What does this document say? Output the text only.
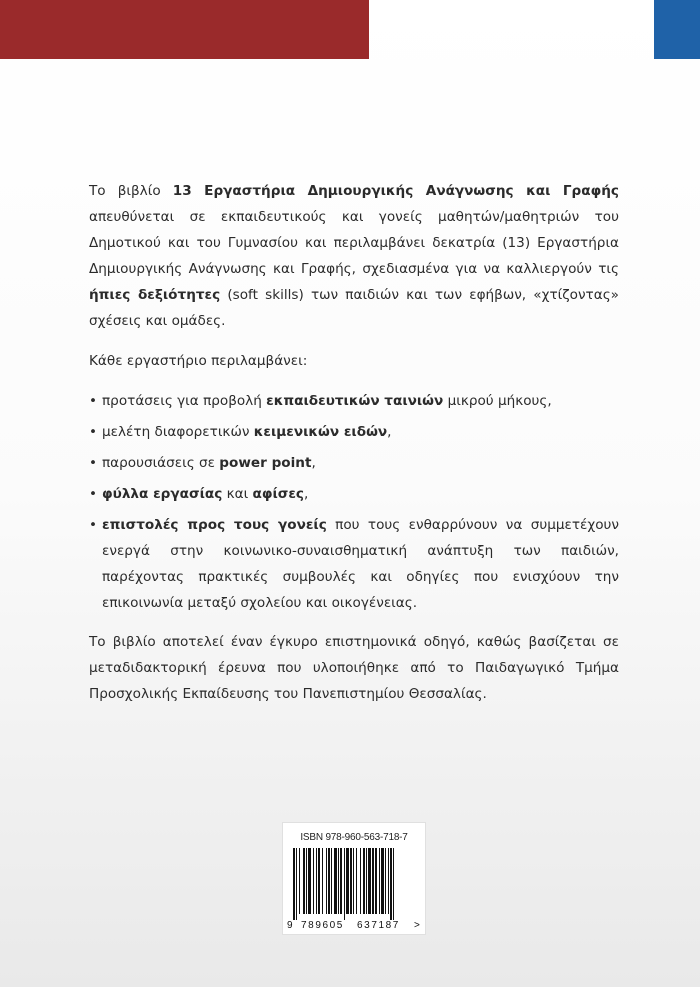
Το βιβλίο 13 Εργαστήρια Δημιουργικής Ανάγνωσης και Γραφής απευθύνεται σε εκπαιδευτικούς και γονείς μαθητών/μαθητριών του Δημοτικού και του Γυμνασίου και περιλαμβάνει δεκατρία (13) Εργαστήρια Δημιουργικής Ανάγνωσης και Γραφής, σχεδιασμένα για να καλλιεργούν τις ήπιες δεξιότητες (soft skills) των παιδιών και των εφήβων, «χτίζοντας» σχέσεις και ομάδες.

Κάθε εργαστήριο περιλαμβάνει:

• προτάσεις για προβολή εκπαιδευτικών ταινιών μικρού μήκους,
• μελέτη διαφορετικών κειμενικών ειδών,
• παρουσιάσεις σε power point,
• φύλλα εργασίας και αφίσες,
• επιστολές προς τους γονείς που τους ενθαρρύνουν να συμμετέχουν ενεργά στην κοινωνικο-συναισθηματική ανάπτυξη των παιδιών, παρέχοντας πρακτικές συμβουλές και οδηγίες που ενισχύουν την επικοινωνία μεταξύ σχολείου και οικογένειας.

Το βιβλίο αποτελεί έναν έγκυρο επιστημονικά οδηγό, καθώς βασίζεται σε μεταδιδακτορική έρευνα που υλοποιήθηκε από το Παιδαγωγικό Τμήμα Προσχολικής Εκπαίδευσης του Πανεπιστημίου Θεσσαλίας.

ISBN 978-960-563-718-7
9 789605 637187 >
